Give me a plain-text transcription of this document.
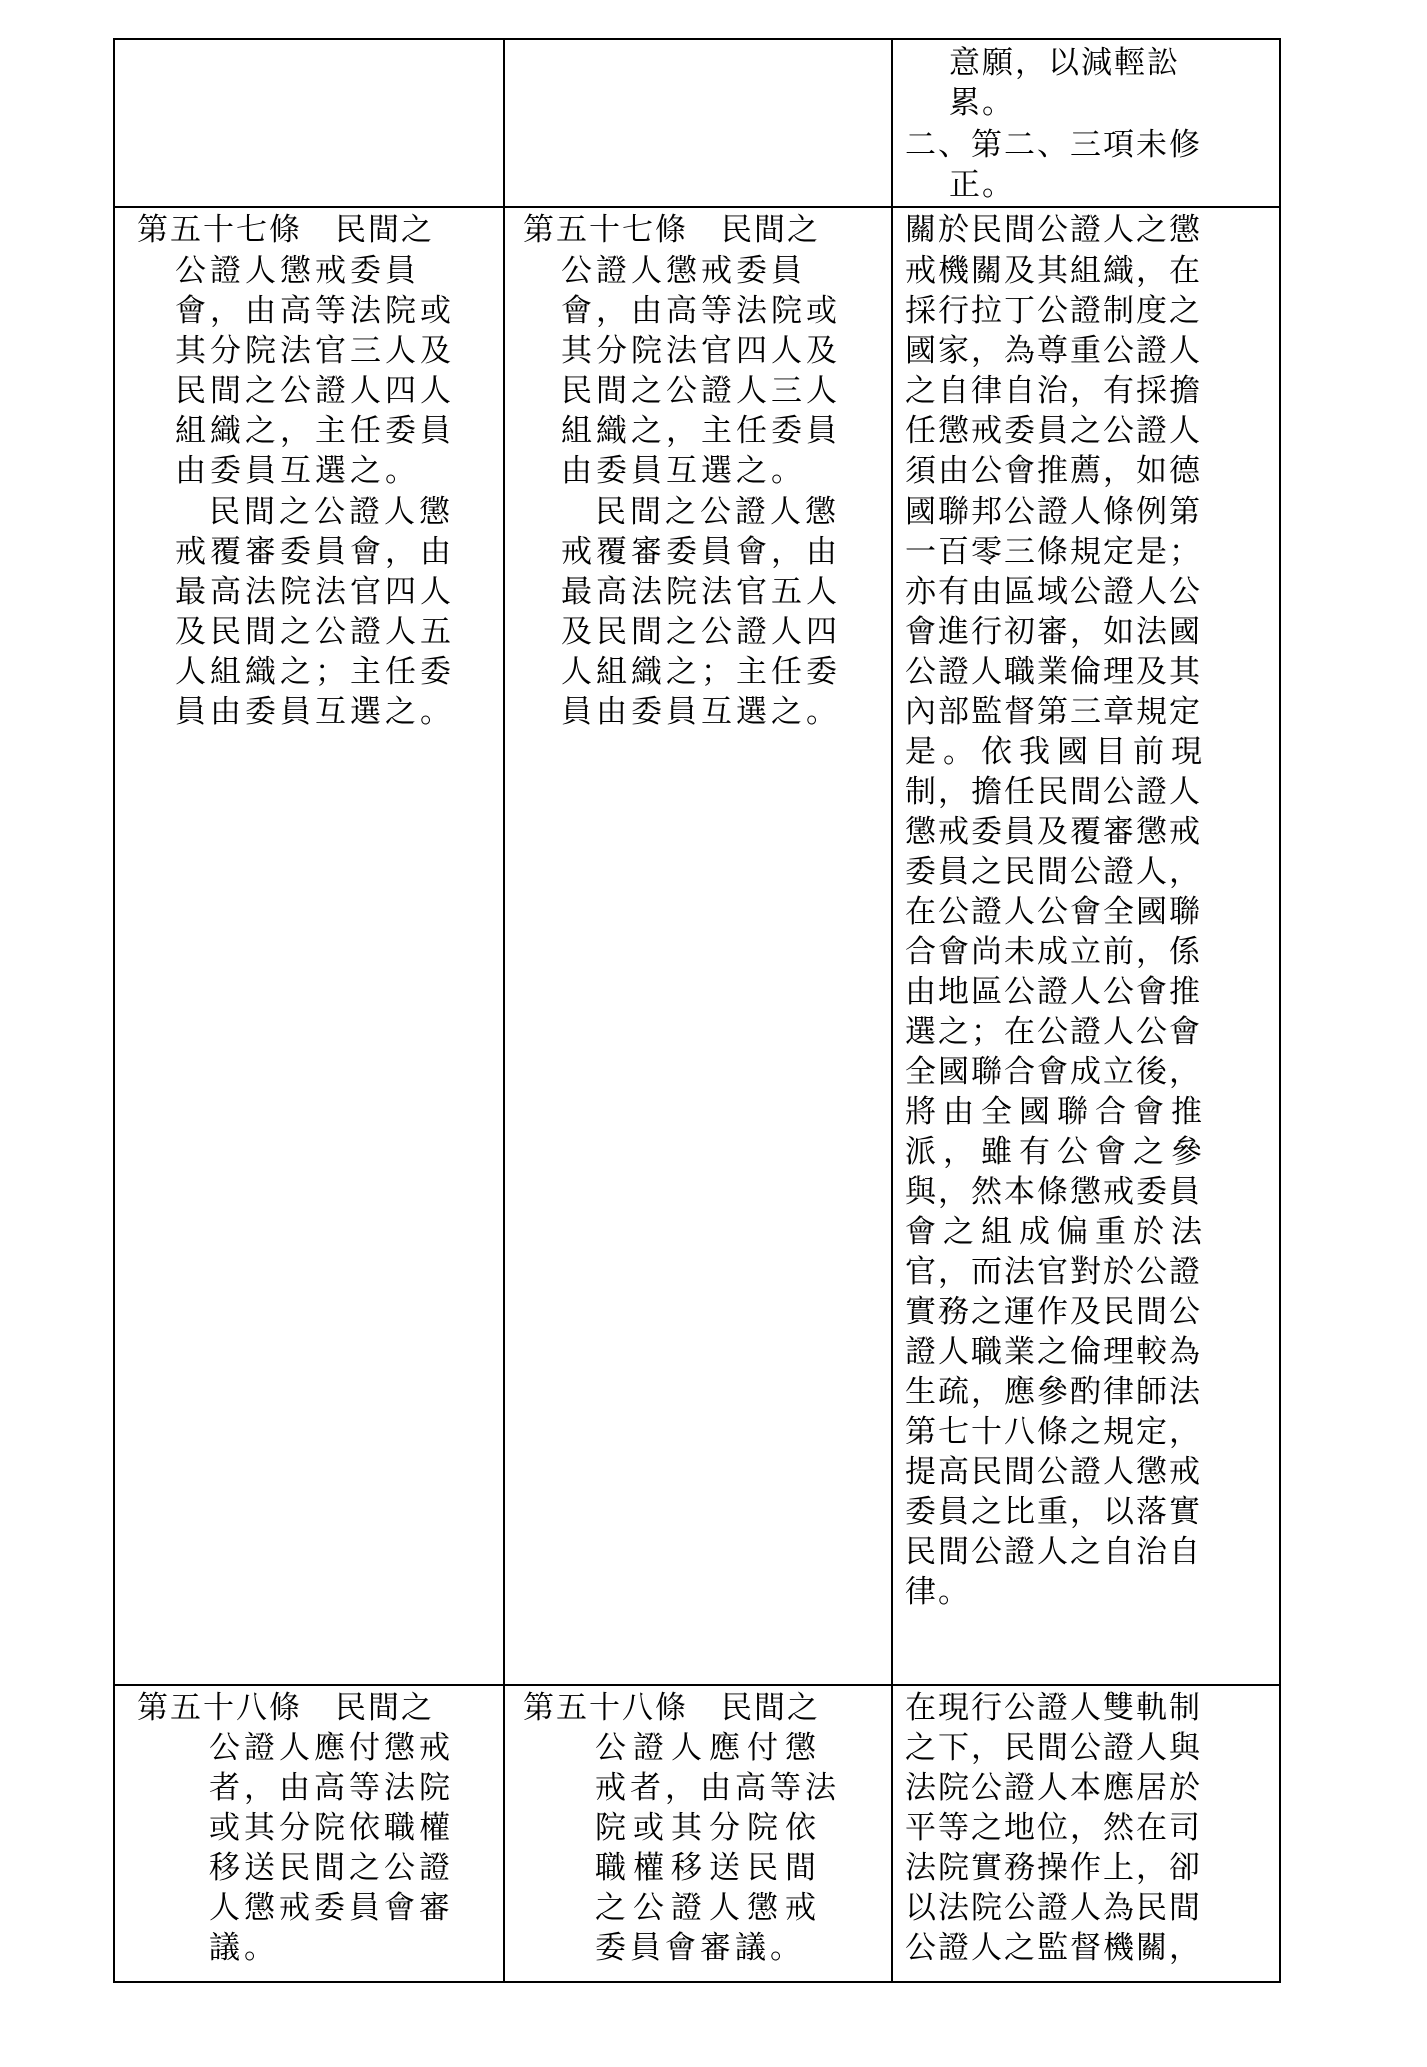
意願，以減輕訟
累。
二、第二、三項未修
正。
第五十七條　民間之
公證人懲戒委員
會，由高等法院或
其分院法官三人及
民間之公證人四人
組織之，主任委員
由委員互選之。
民間之公證人懲
戒覆審委員會，由
最高法院法官四人
及民間之公證人五
人組織之；主任委
員由委員互選之。
第五十七條　民間之
公證人懲戒委員
會，由高等法院或
其分院法官四人及
民間之公證人三人
組織之，主任委員
由委員互選之。
民間之公證人懲
戒覆審委員會，由
最高法院法官五人
及民間之公證人四
人組織之；主任委
員由委員互選之。
關於民間公證人之懲
戒機關及其組織，在
採行拉丁公證制度之
國家，為尊重公證人
之自律自治，有採擔
任懲戒委員之公證人
須由公會推薦，如德
國聯邦公證人條例第
一百零三條規定是；
亦有由區域公證人公
會進行初審，如法國
公證人職業倫理及其
內部監督第三章規定
是。依我國目前現
制，擔任民間公證人
懲戒委員及覆審懲戒
委員之民間公證人，
在公證人公會全國聯
合會尚未成立前，係
由地區公證人公會推
選之；在公證人公會
全國聯合會成立後，
將由全國聯合會推
派，雖有公會之參
與，然本條懲戒委員
會之組成偏重於法
官，而法官對於公證
實務之運作及民間公
證人職業之倫理較為
生疏，應參酌律師法
第七十八條之規定，
提高民間公證人懲戒
委員之比重，以落實
民間公證人之自治自
律。
第五十八條　民間之
公證人應付懲戒
者，由高等法院
或其分院依職權
移送民間之公證
人懲戒委員會審
議。
第五十八條　民間之
公證人應付懲
戒者，由高等法
院或其分院依
職權移送民間
之公證人懲戒
委員會審議。
在現行公證人雙軌制
之下，民間公證人與
法院公證人本應居於
平等之地位，然在司
法院實務操作上，卻
以法院公證人為民間
公證人之監督機關，
